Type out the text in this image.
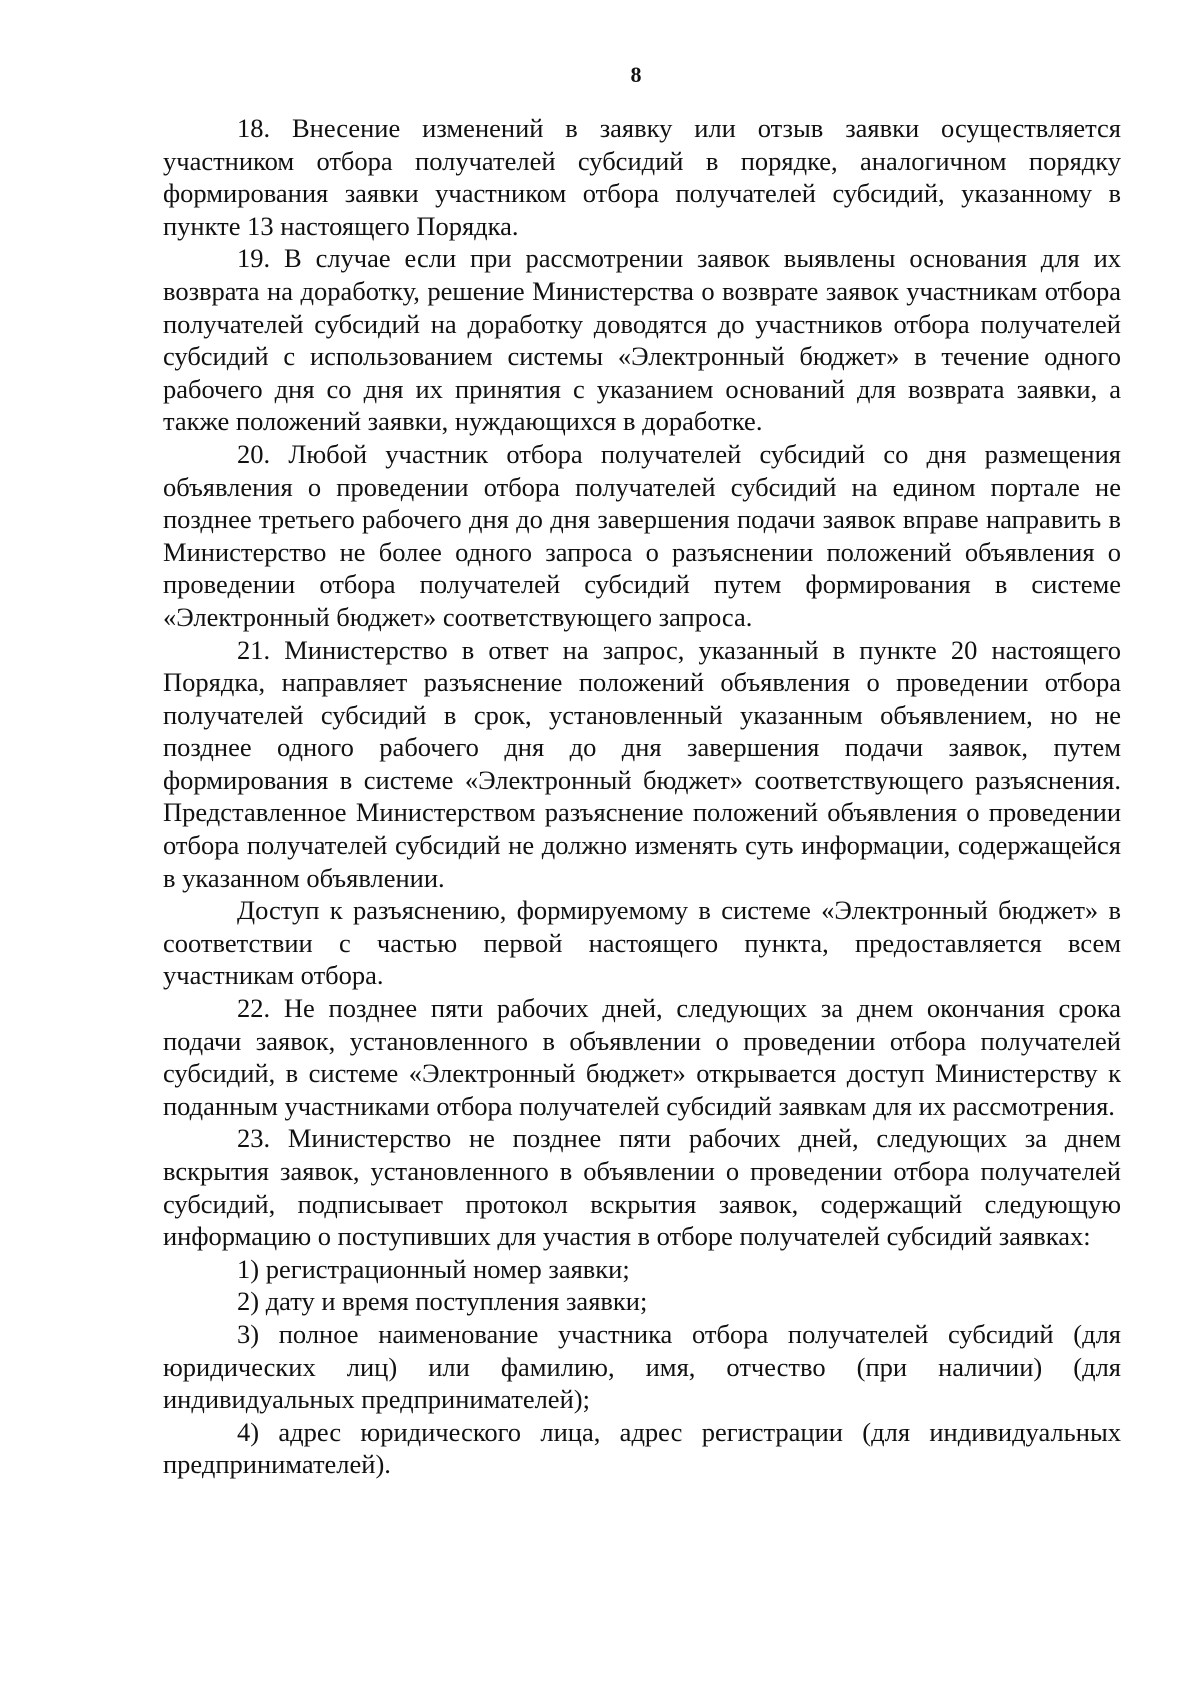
8

18. Внесение изменений в заявку или отзыв заявки осуществляется участником отбора получателей субсидий в порядке, аналогичном порядку формирования заявки участником отбора получателей субсидий, указанному в пункте 13 настоящего Порядка.

19. В случае если при рассмотрении заявок выявлены основания для их возврата на доработку, решение Министерства о возврате заявок участникам отбора получателей субсидий на доработку доводятся до участников отбора получателей субсидий с использованием системы «Электронный бюджет» в течение одного рабочего дня со дня их принятия с указанием оснований для возврата заявки, а также положений заявки, нуждающихся в доработке.

20. Любой участник отбора получателей субсидий со дня размещения объявления о проведении отбора получателей субсидий на едином портале не позднее третьего рабочего дня до дня завершения подачи заявок вправе направить в Министерство не более одного запроса о разъяснении положений объявления о проведении отбора получателей субсидий путем формирования в системе «Электронный бюджет» соответствующего запроса.

21. Министерство в ответ на запрос, указанный в пункте 20 настоящего Порядка, направляет разъяснение положений объявления о проведении отбора получателей субсидий в срок, установленный указанным объявлением, но не позднее одного рабочего дня до дня завершения подачи заявок, путем формирования в системе «Электронный бюджет» соответствующего разъяснения. Представленное Министерством разъяснение положений объявления о проведении отбора получателей субсидий не должно изменять суть информации, содержащейся в указанном объявлении.

Доступ к разъяснению, формируемому в системе «Электронный бюджет» в соответствии с частью первой настоящего пункта, предоставляется всем участникам отбора.

22. Не позднее пяти рабочих дней, следующих за днем окончания срока подачи заявок, установленного в объявлении о проведении отбора получателей субсидий, в системе «Электронный бюджет» открывается доступ Министерству к поданным участниками отбора получателей субсидий заявкам для их рассмотрения.

23. Министерство не позднее пяти рабочих дней, следующих за днем вскрытия заявок, установленного в объявлении о проведении отбора получателей субсидий, подписывает протокол вскрытия заявок, содержащий следующую информацию о поступивших для участия в отборе получателей субсидий заявках:

1) регистрационный номер заявки;

2) дату и время поступления заявки;

3) полное наименование участника отбора получателей субсидий (для юридических лиц) или фамилию, имя, отчество (при наличии) (для индивидуальных предпринимателей);

4) адрес юридического лица, адрес регистрации (для индивидуальных предпринимателей).
